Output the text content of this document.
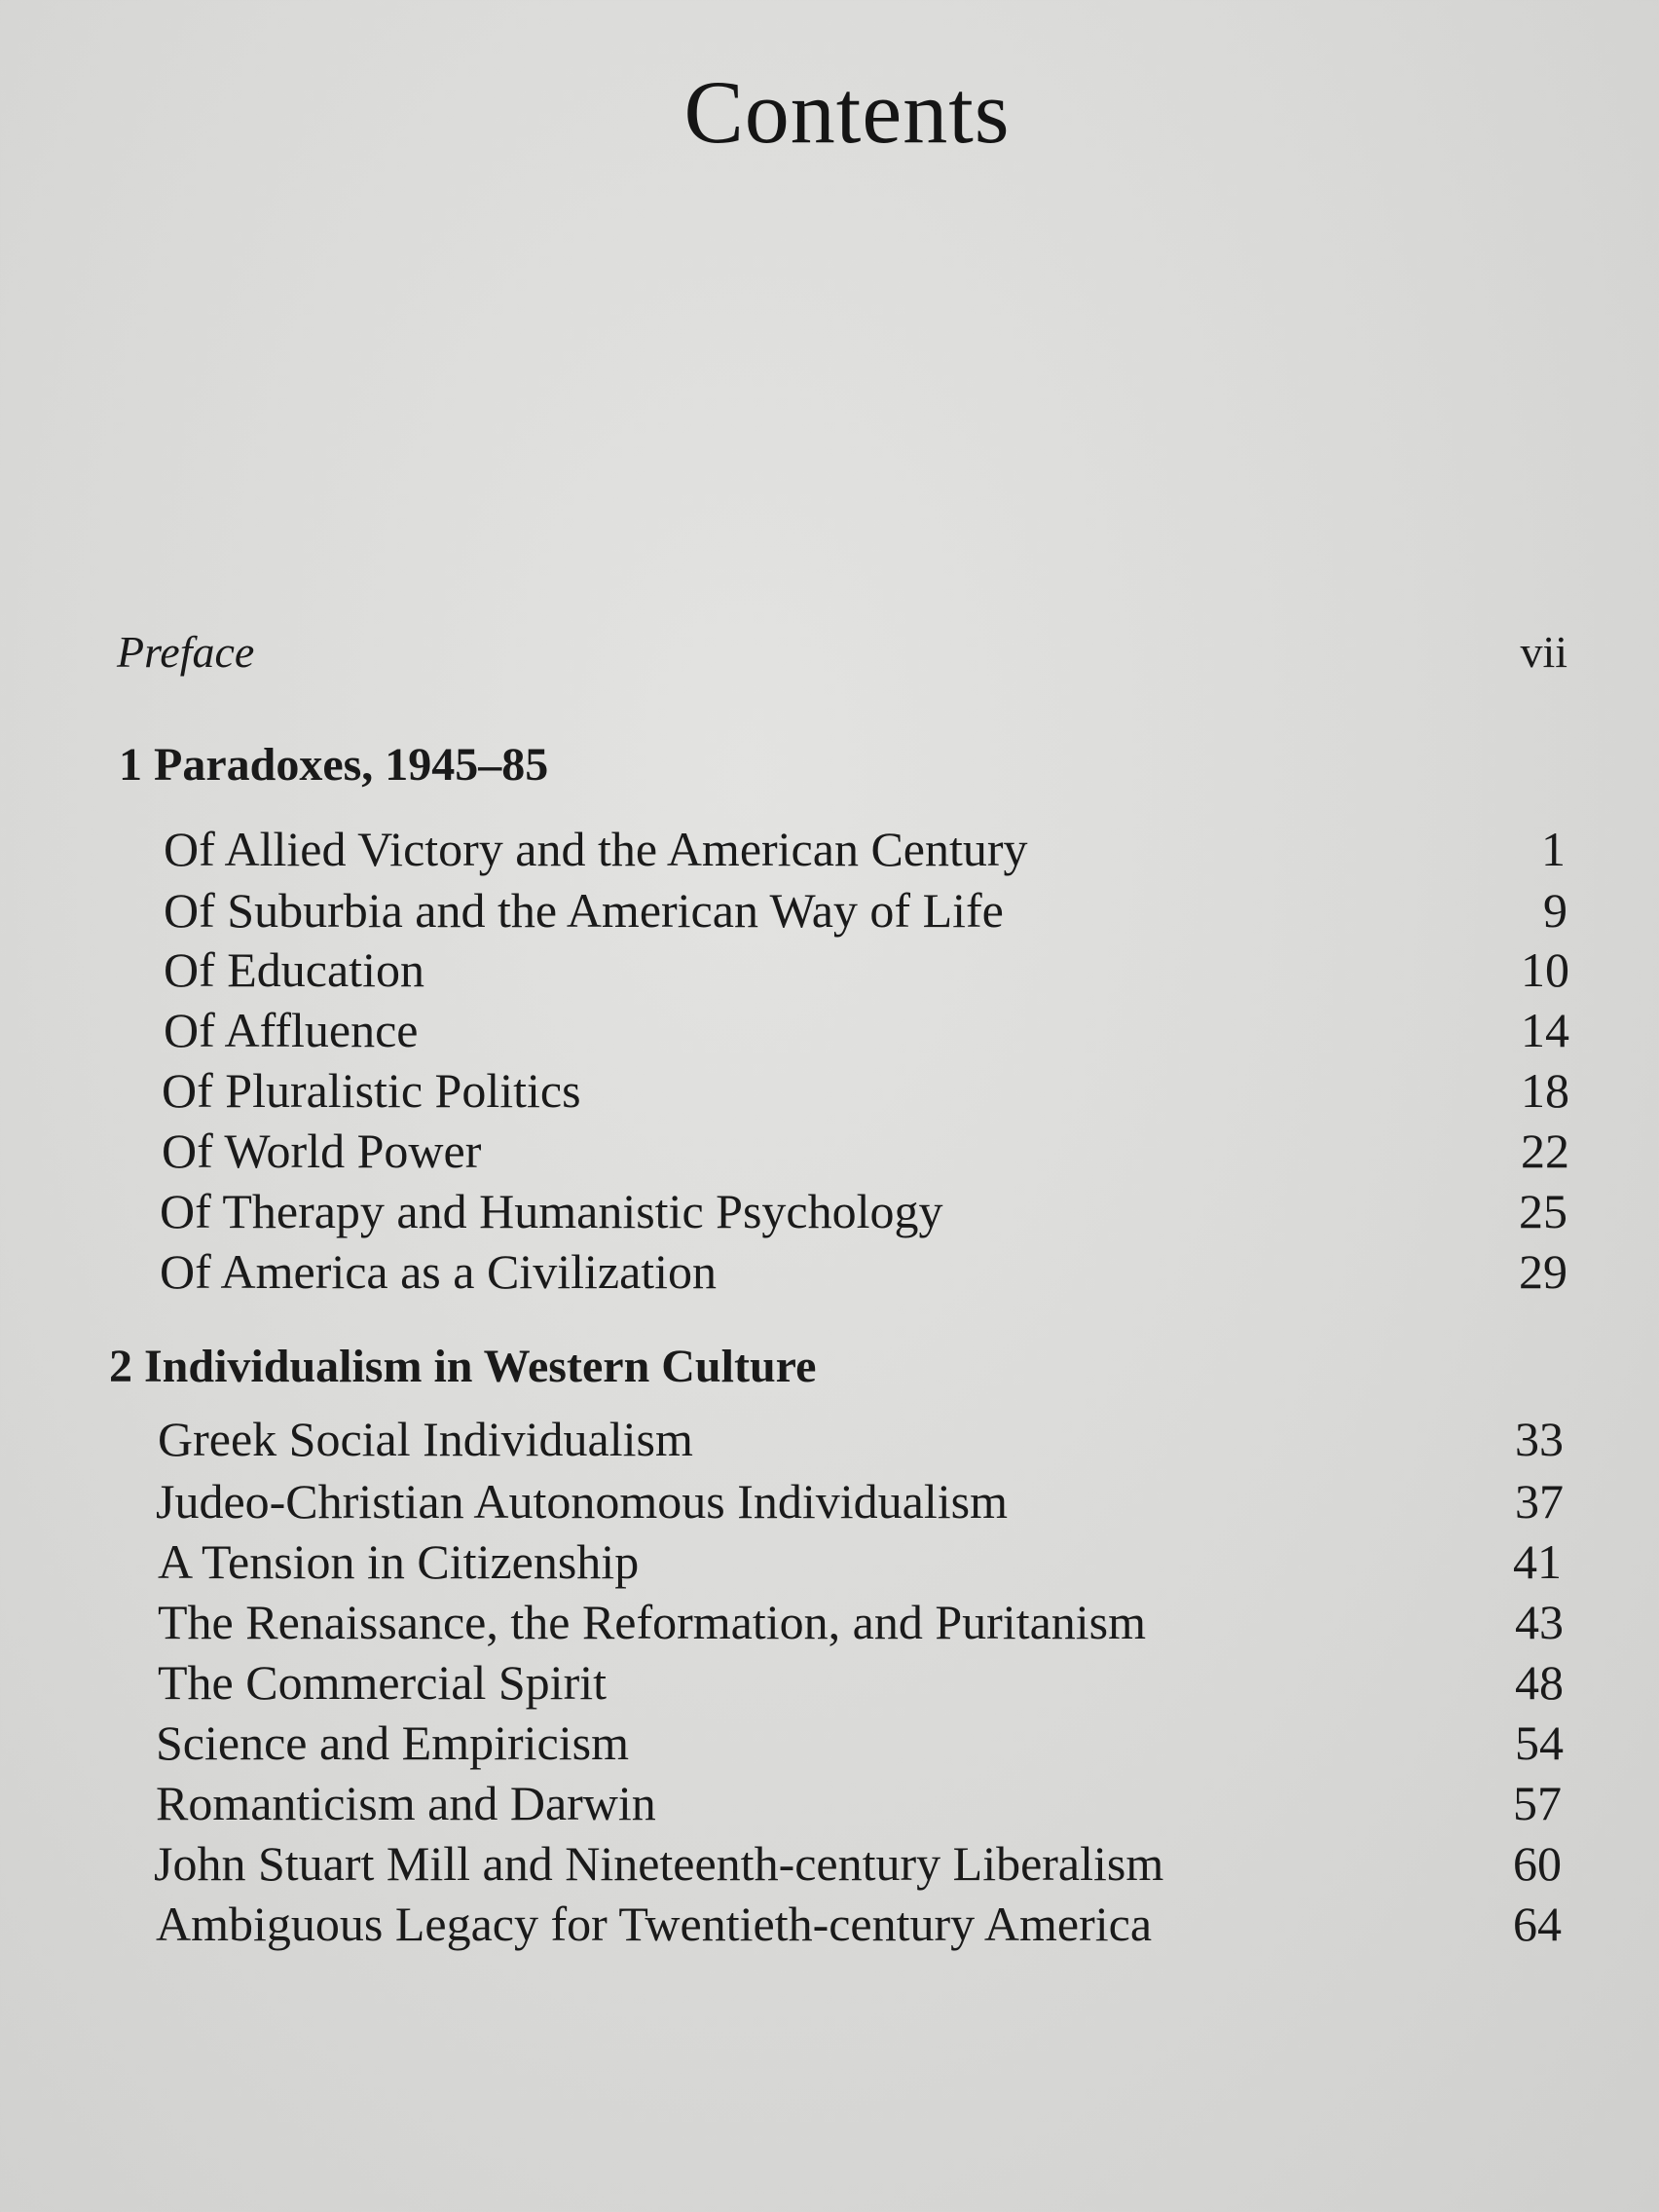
Contents
Preface	vii
1 Paradoxes, 1945–85
Of Allied Victory and the American Century	1
Of Suburbia and the American Way of Life	9
Of Education	10
Of Affluence	14
Of Pluralistic Politics	18
Of World Power	22
Of Therapy and Humanistic Psychology	25
Of America as a Civilization	29
2 Individualism in Western Culture
Greek Social Individualism	33
Judeo-Christian Autonomous Individualism	37
A Tension in Citizenship	41
The Renaissance, the Reformation, and Puritanism	43
The Commercial Spirit	48
Science and Empiricism	54
Romanticism and Darwin	57
John Stuart Mill and Nineteenth-century Liberalism	60
Ambiguous Legacy for Twentieth-century America	64
